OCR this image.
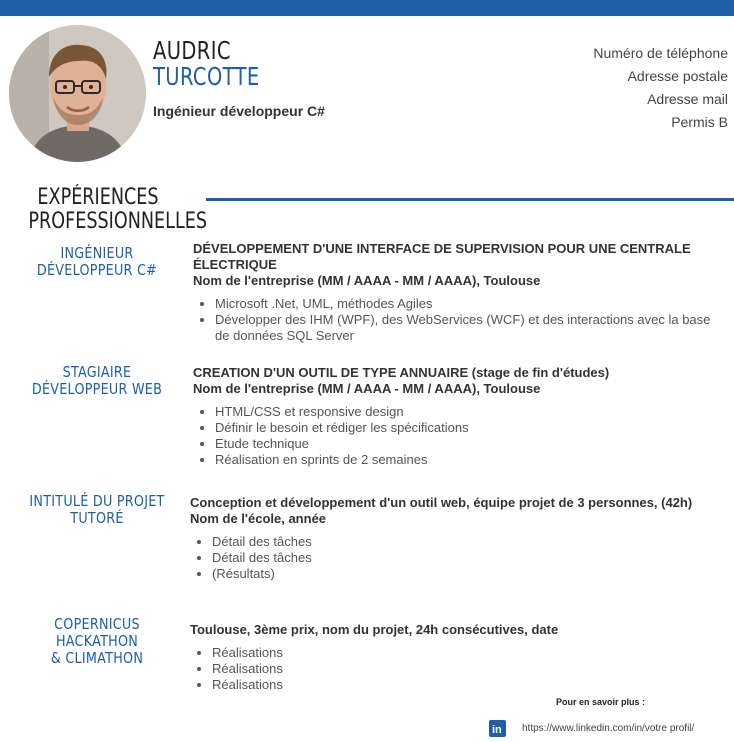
AUDRIC
TURCOTTE
Ingénieur développeur C#
Numéro de téléphone
Adresse postale
Adresse mail
Permis B
EXPÉRIENCES
PROFESSIONNELLES
INGÉNIEUR
DÉVELOPPEUR C#

DÉVELOPPEMENT D'UNE INTERFACE DE SUPERVISION POUR UNE CENTRALE ÉLECTRIQUE

Nom de l'entreprise (MM / AAAA - MM / AAAA), Toulouse

• Microsoft .Net, UML, méthodes Agiles
• Développer des IHM (WPF), des WebServices (WCF) et des interactions avec la base de données SQL Server
STAGIAIRE
DÉVELOPPEUR WEB

CREATION D'UN OUTIL DE TYPE ANNUAIRE (stage de fin d'études)

Nom de l'entreprise (MM / AAAA - MM / AAAA), Toulouse

• HTML/CSS et responsive design
• Définir le besoin et rédiger les spécifications
• Etude technique
• Réalisation en sprints de 2 semaines
INTITULÉ DU PROJET
TUTORÉ

Conception et développement d'un outil web, équipe projet de 3 personnes, (42h)

Nom de l'école, année

• Détail des tâches
• Détail des tâches
• (Résultats)
COPERNICUS HACKATHON
& CLIMATHON

Toulouse, 3ème prix, nom du projet, 24h consécutives, date

• Réalisations
• Réalisations
• Réalisations
Pour en savoir plus :
in https://www.linkedin.com/in/votre profil/
